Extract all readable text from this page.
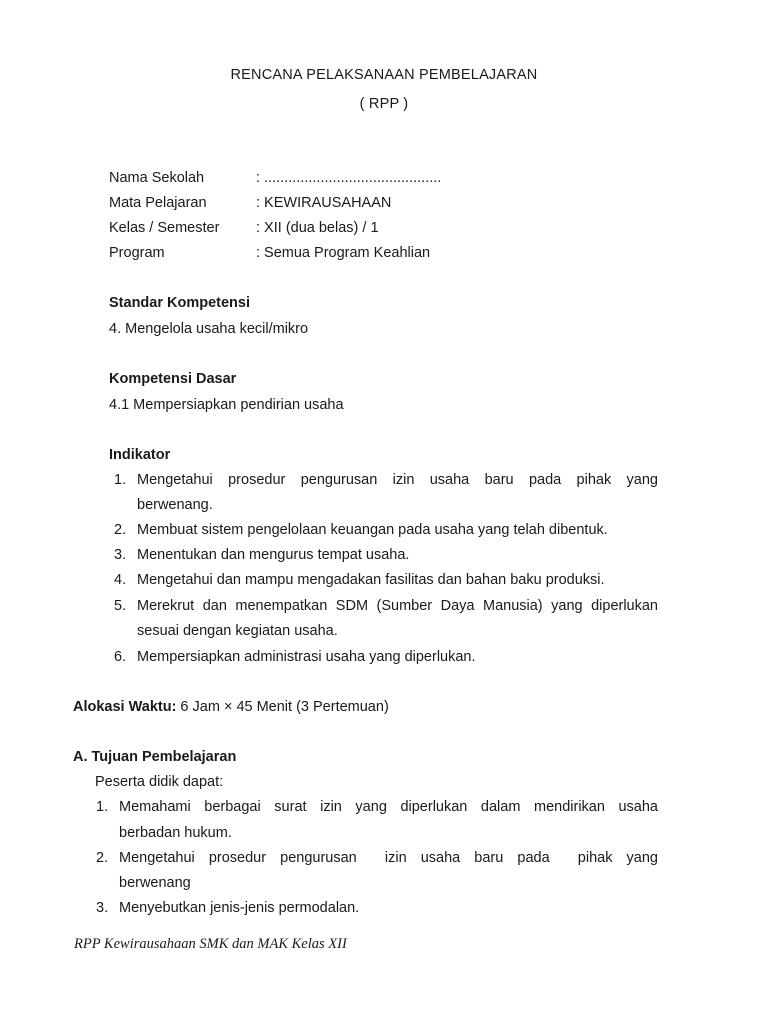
RENCANA PELAKSANAAN PEMBELAJARAN
( RPP )
Nama Sekolah	: ............................................
Mata Pelajaran	: KEWIRAUSAHAAN
Kelas / Semester	: XII (dua belas) / 1
Program	: Semua Program Keahlian
Standar Kompetensi
4. Mengelola usaha kecil/mikro
Kompetensi Dasar
4.1 Mempersiapkan pendirian usaha
Indikator
1. Mengetahui prosedur pengurusan izin usaha baru pada pihak yang
berwenang.
2. Membuat sistem pengelolaan keuangan pada usaha yang telah dibentuk.
3. Menentukan dan mengurus tempat usaha.
4. Mengetahui dan mampu mengadakan fasilitas dan bahan baku produksi.
5. Merekrut dan menempatkan SDM (Sumber Daya Manusia) yang diperlukan
sesuai dengan kegiatan usaha.
6. Mempersiapkan administrasi usaha yang diperlukan.
Alokasi Waktu: 6 Jam × 45 Menit (3 Pertemuan)
A. Tujuan Pembelajaran
Peserta didik dapat:
1. Memahami berbagai surat izin yang diperlukan dalam mendirikan usaha
berbadan hukum.
2. Mengetahui prosedur pengurusan  izin usaha baru pada  pihak yang
berwenang
3. Menyebutkan jenis-jenis permodalan.
RPP Kewirausahaan SMK dan MAK Kelas XII
